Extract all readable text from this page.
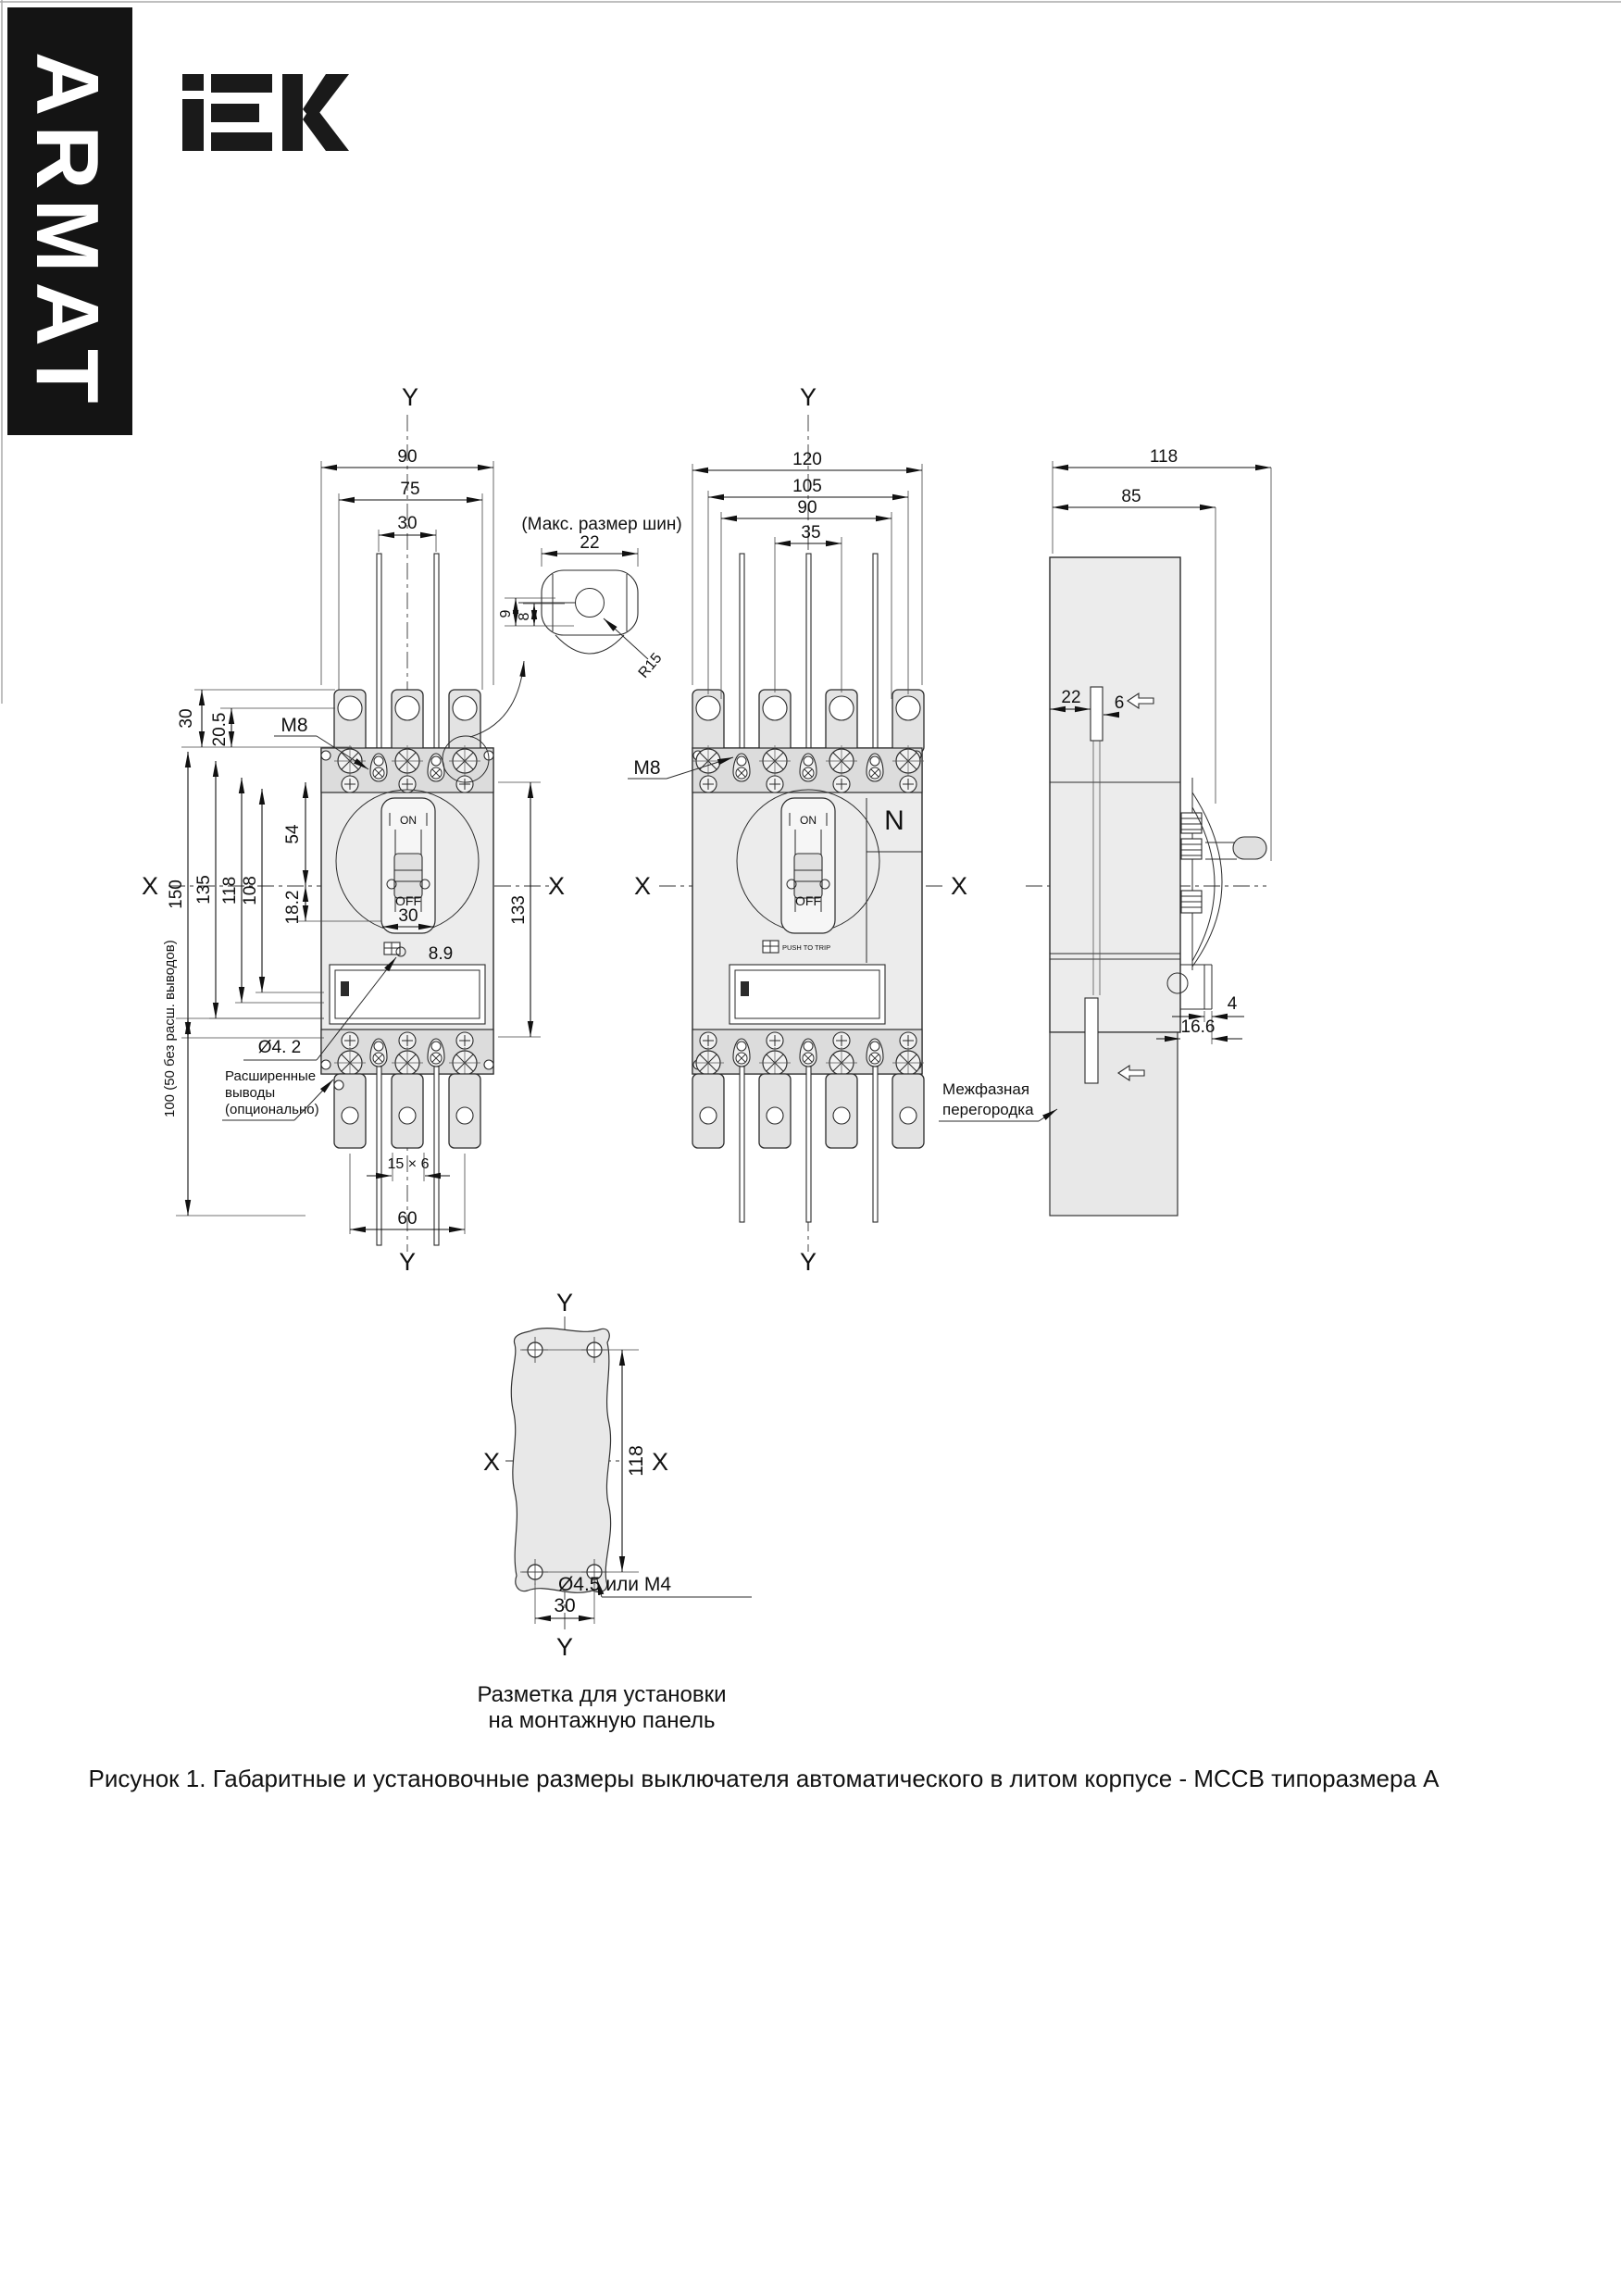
ARMAT
ON
OFF
30
8.9
90
75
30
Y
30 20.5
150 135 118 108
54
18.2
X
133
X
M8
Ø4. 2
Расширенные
выводы
(опционально)
100 (50 без расш. выводов)
15 × 6
60
Y
(Макс. размер шин)
22
9 8
R15
ON
OFF
N
PUSH TO TRIP
120
105
90
35
Y
M8
X	X
Y
22 6
118
85
4
16.6
Межфазная
перегородка
118
30
Ø4.5 или М4
Y
Y
X	X
Разметка для установки
на монтажную панель
Рисунок 1. Габаритные и установочные размеры выключателя автоматического в литом корпусе - MCCB типоразмера А
